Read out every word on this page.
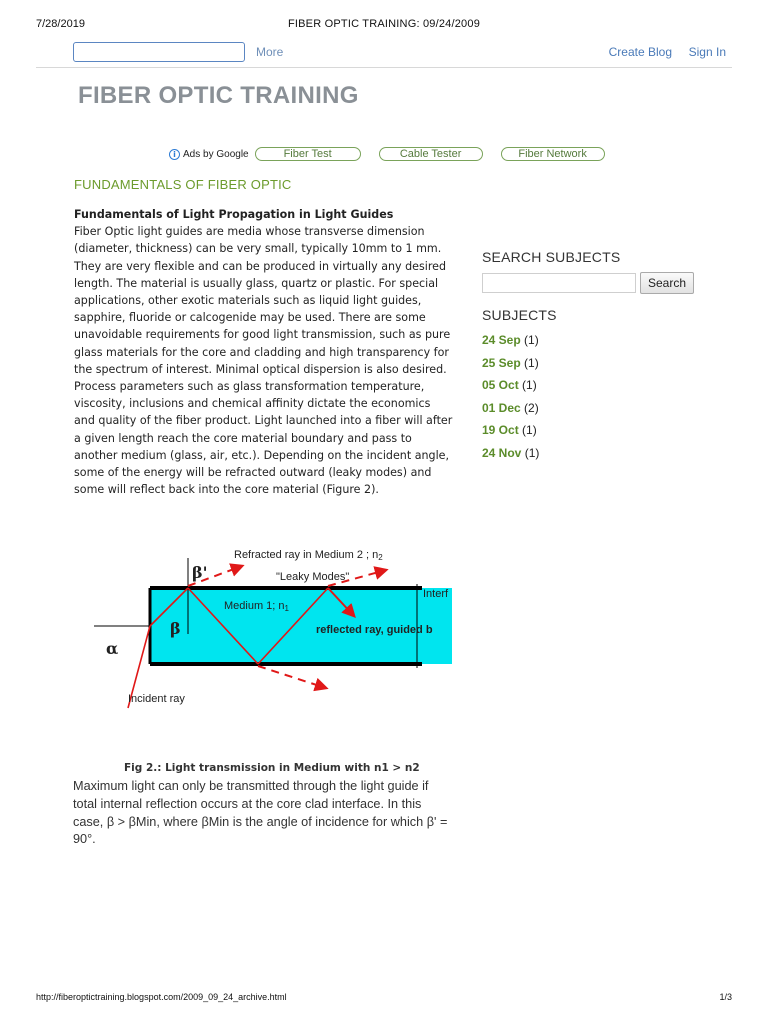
7/28/2019	FIBER OPTIC TRAINING: 09/24/2009
More	Create Blog Sign In
FIBER OPTIC TRAINING
i Ads by Google	Fiber Test	Cable Tester	Fiber Network
FUNDAMENTALS OF FIBER OPTIC
Fundamentals of Light Propagation in Light Guides
Fiber Optic light guides are media whose transverse dimension (diameter, thickness) can be very small, typically 10mm to 1 mm. They are very flexible and can be produced in virtually any desired length. The material is usually glass, quartz or plastic. For special applications, other exotic materials such as liquid light guides, sapphire, fluoride or calcogenide may be used. There are some unavoidable requirements for good light transmission, such as pure glass materials for the core and cladding and high transparency for the spectrum of interest. Minimal optical dispersion is also desired. Process parameters such as glass transformation temperature, viscosity, inclusions and chemical affinity dictate the economics and quality of the fiber product. Light launched into a fiber will after a given length reach the core material boundary and pass to another medium (glass, air, etc.). Depending on the incident angle, some of the energy will be refracted outward (leaky modes) and some will reflect back into the core material (Figure 2).
Refracted ray in Medium 2 ; n2
"Leaky Modes"
Interf
Medium 1; n1
reflected ray, guided b
Incident ray
α
β
β'
Fig 2.: Light transmission in Medium with n1 > n2
Maximum light can only be transmitted through the light guide if total internal reflection occurs at the core clad interface. In this case, β > βMin, where βMin is the angle of incidence for which β' = 90°.
SEARCH SUBJECTS
Search
SUBJECTS
24 Sep (1)
25 Sep (1)
05 Oct (1)
01 Dec (2)
19 Oct (1)
24 Nov (1)
http://fiberoptictraining.blogspot.com/2009_09_24_archive.html	1/3
